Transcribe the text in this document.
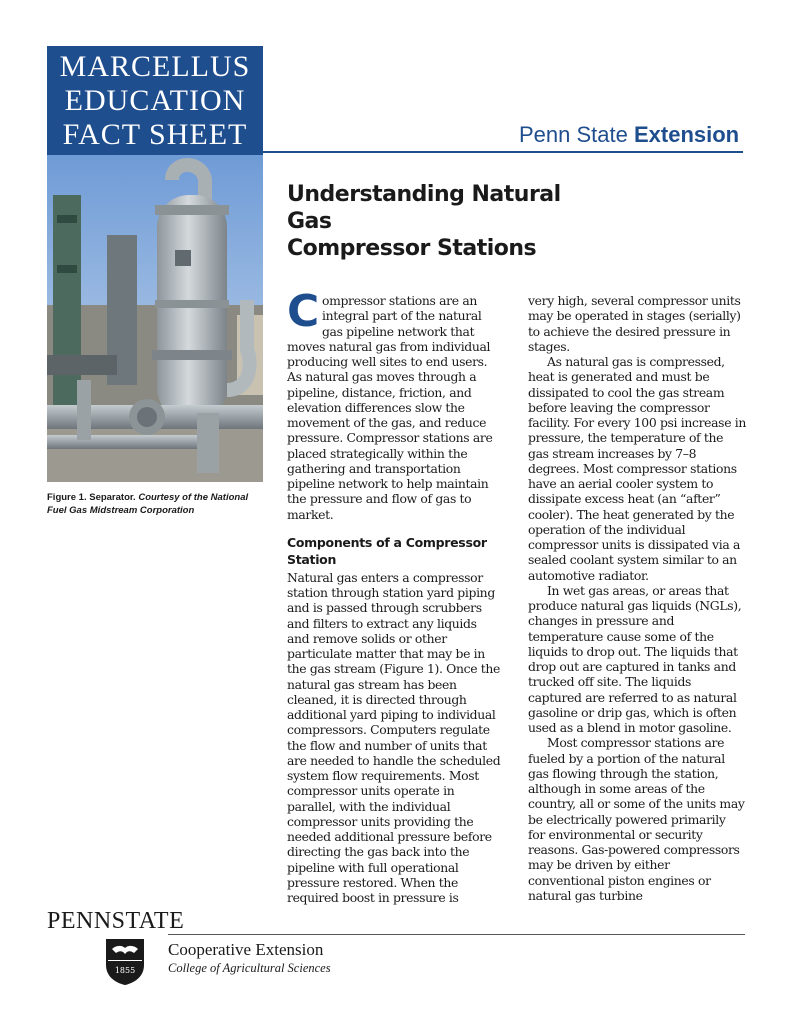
MARCELLUS
EDUCATION
FACT SHEET	Penn State Extension
Figure 1. Separator. Courtesy of the National Fuel Gas Midstream Corporation
Understanding Natural Gas
Compressor Stations

Compressor stations are an integral part of the natural gas pipeline network that moves natural gas from individual producing well sites to end users. As natural gas moves through a pipeline, distance, friction, and elevation differences slow the movement of the gas, and reduce pressure. Compressor stations are placed strategically within the gathering and transportation pipeline network to help maintain the pressure and flow of gas to market.

Components of a Compressor Station

Natural gas enters a compressor station through station yard piping and is passed through scrubbers and filters to extract any liquids and remove solids or other particulate matter that may be in the gas stream (Figure 1). Once the natural gas stream has been cleaned, it is directed through additional yard piping to individual compressors. Computers regulate the flow and number of units that are needed to handle the scheduled system flow requirements. Most compressor units operate in parallel, with the individual compressor units providing the needed additional pressure before directing the gas back into the pipeline with full operational pressure restored. When the required boost in pressure is

very high, several compressor units may be operated in stages (serially) to achieve the desired pressure in stages.

As natural gas is compressed, heat is generated and must be dissipated to cool the gas stream before leaving the compressor facility. For every 100 psi increase in pressure, the temperature of the gas stream increases by 7–8 degrees. Most compressor stations have an aerial cooler system to dissipate excess heat (an “after” cooler). The heat generated by the operation of the individual compressor units is dissipated via a sealed coolant system similar to an automotive radiator.

In wet gas areas, or areas that produce natural gas liquids (NGLs), changes in pressure and temperature cause some of the liquids to drop out. The liquids that drop out are captured in tanks and trucked off site. The liquids captured are referred to as natural gasoline or drip gas, which is often used as a blend in motor gasoline.

Most compressor stations are fueled by a portion of the natural gas flowing through the station, although in some areas of the country, all or some of the units may be electrically powered primarily for environmental or security reasons. Gas-powered compressors may be driven by either conventional piston engines or natural gas turbine

PENNSTATE
1855
Cooperative Extension
College of Agricultural Sciences
